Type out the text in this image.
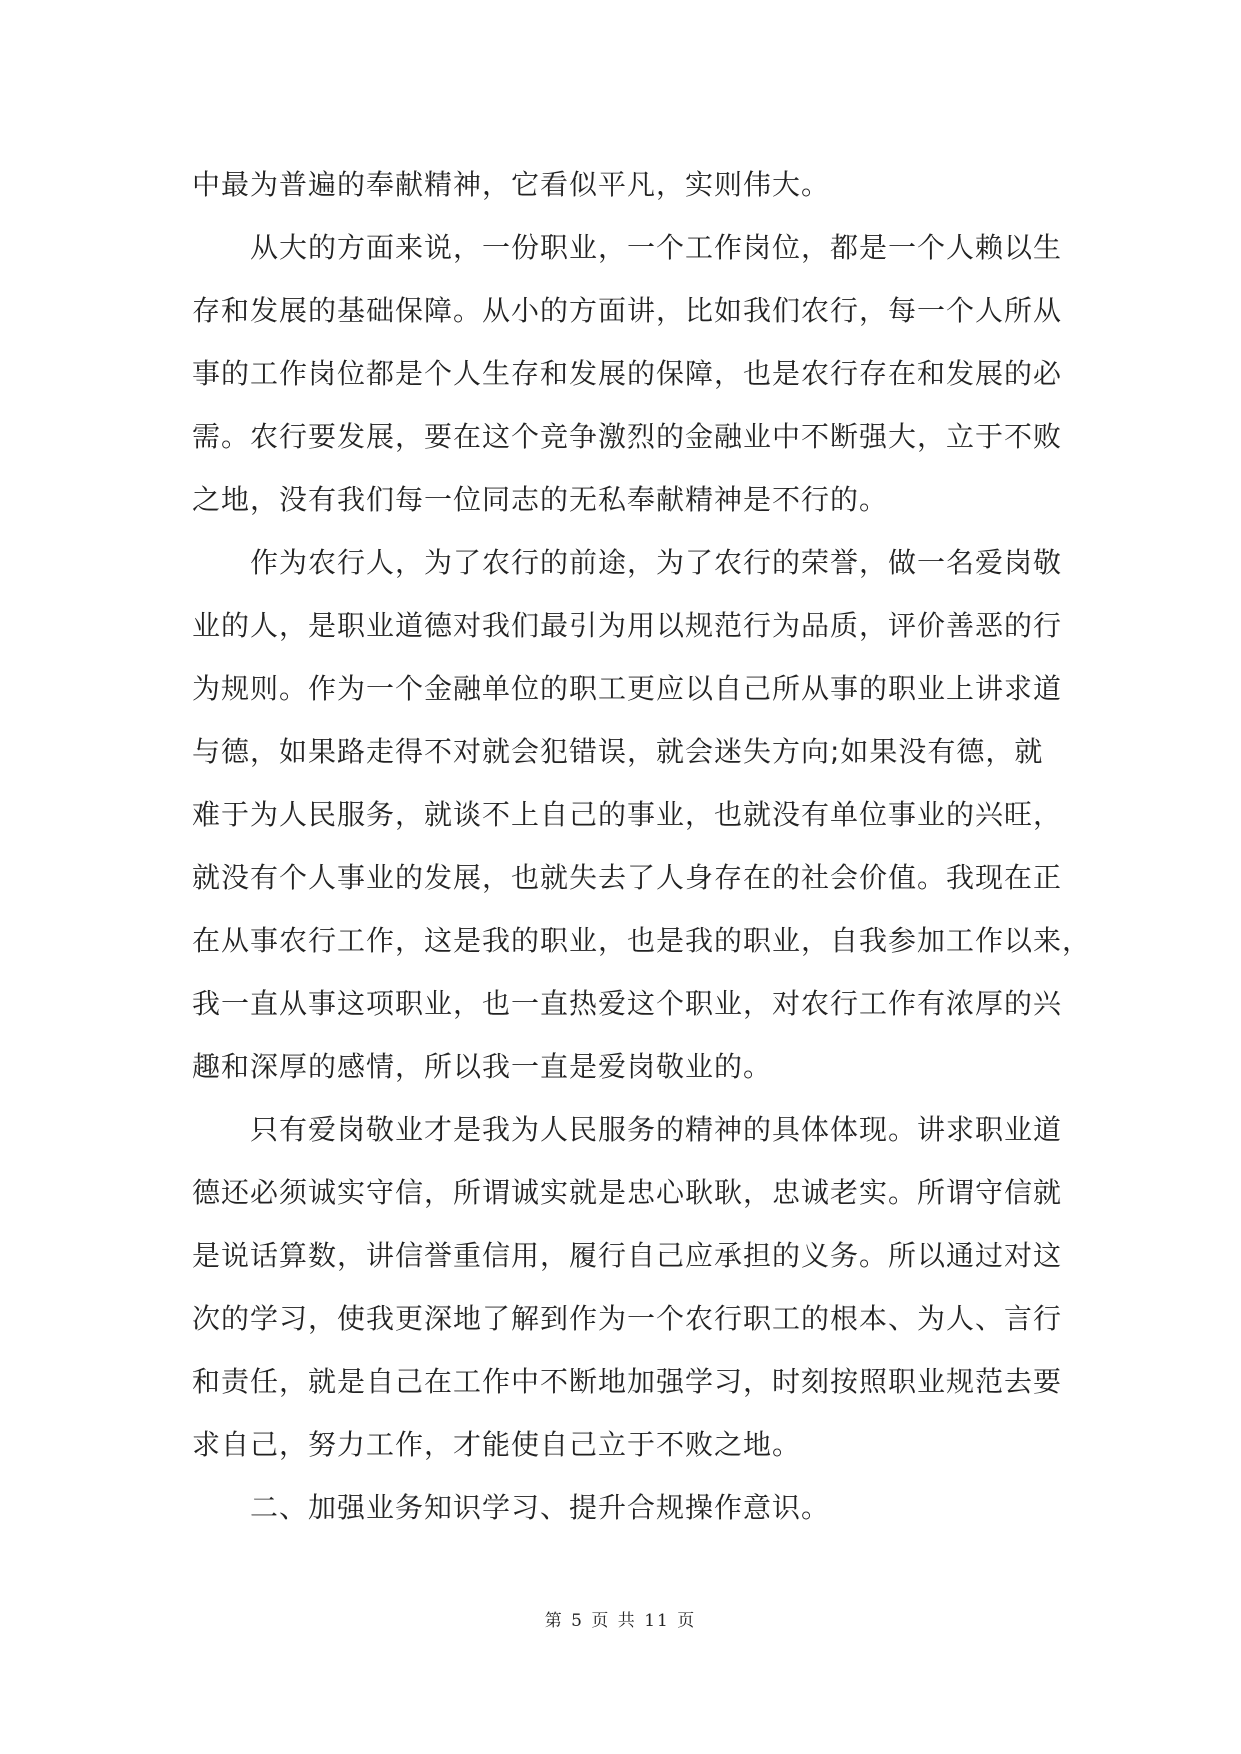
中最为普遍的奉献精神，它看似平凡，实则伟大。
　　从大的方面来说，一份职业，一个工作岗位，都是一个人赖以生
存和发展的基础保障。从小的方面讲，比如我们农行，每一个人所从
事的工作岗位都是个人生存和发展的保障，也是农行存在和发展的必
需。农行要发展，要在这个竞争激烈的金融业中不断强大，立于不败
之地，没有我们每一位同志的无私奉献精神是不行的。
　　作为农行人，为了农行的前途，为了农行的荣誉，做一名爱岗敬
业的人，是职业道德对我们最引为用以规范行为品质，评价善恶的行
为规则。作为一个金融单位的职工更应以自己所从事的职业上讲求道
与德，如果路走得不对就会犯错误，就会迷失方向;如果没有德，就
难于为人民服务，就谈不上自己的事业，也就没有单位事业的兴旺，
就没有个人事业的发展，也就失去了人身存在的社会价值。我现在正
在从事农行工作，这是我的职业，也是我的职业，自我参加工作以来，
我一直从事这项职业，也一直热爱这个职业，对农行工作有浓厚的兴
趣和深厚的感情，所以我一直是爱岗敬业的。
　　只有爱岗敬业才是我为人民服务的精神的具体体现。讲求职业道
德还必须诚实守信，所谓诚实就是忠心耿耿，忠诚老实。所谓守信就
是说话算数，讲信誉重信用，履行自己应承担的义务。所以通过对这
次的学习，使我更深地了解到作为一个农行职工的根本、为人、言行
和责任，就是自己在工作中不断地加强学习，时刻按照职业规范去要
求自己，努力工作，才能使自己立于不败之地。
　　二、加强业务知识学习、提升合规操作意识。
第 5 页 共 11 页
